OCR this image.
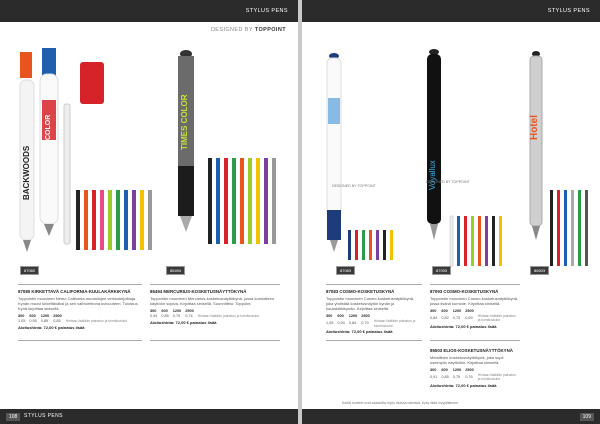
STYLUS PENS
DESIGNED BY TOPPOINT
BACKWOODS
COLOR
87080
TIMES COLOR
86494
87080 KIRKETTAVÄ CALIFORNIA-KUULAKÄRKIKYNÄ
Toppointin muovinen Nemo California-muotoilujen verkkokirjoittaja. Kynän muovi kirkettäväksi ja sen vaihtoehtona kuivuuteen. Tulostus. Kynä kirjoittaa sinisellä.
300	600	1200	2500	
1,05	0,95	0,89	0,85	Hintaan lisätään painatus ja toimituskulut
Aloitushinta: 72,00 € painatus lisää
86494 MERCURIUS-KOSKETUSNÄYTTÖKYNÄ
Toppointin muovinen Mercurius-kosketusnäyttökynä, jossa kumiotteen käyttöön sopiva. Kirjoittaa sinisellä. Suunnittelu: Toppoint.
300	600	1200	2500	
0,94	0,85	0,79	0,74	Hintaan lisätään painatus ja toimituskulut
Aloitushinta: 72,00 € painatus lisää
108	STYLUS PENS
STYLUS PENS
DESIGNED BY TOPPOINT
87083
Voyallux
DESIGNED BY TOPPOINT
87093
Hotel
86503
87083 COSMO-KOSKETUSKYNÄ
Toppointin muovinen Cosmo-kosketusnäyttökynä, joka yhdistää kosketusnäytön kynän ja kuulakärkikynän. Kirjoittaa sinisellä.
300	600	1200	2500	
1,05	0,94	0,84	0,79	Hintaan lisätään painatus ja toimituskulut
Aloitushinta: 72,00 € painatus lisää
87093 COSMO-KOSKETUSKYNÄ
Toppointin muovinen Cosmo-kosketusnäyttökynä, jossa lisänä kumiote. Kirjoittaa sinisellä.
300	600	1200	2500	
0,84	0,82	0,73	0,69	Hintaan lisätään painatus ja toimituskulut
Aloitushinta: 72,00 € painatus lisää
86503 ELIOS-KOSKETUSNÄYTTÖKYNÄ
Metallinen kosketusnäyttökynä, joka sopii useimpiin näyttöihin. Kirjoittaa sinisellä.
300	600	1200	2500	
0,91	0,85	0,79	0,76	Hintaan lisätään painatus ja toimituskulut
Aloitushinta: 72,00 € painatus lisää
Kaikki tuotteet ovat saatavilla myös muissa väreissä. Kysy lisää myyjältämme.
109
